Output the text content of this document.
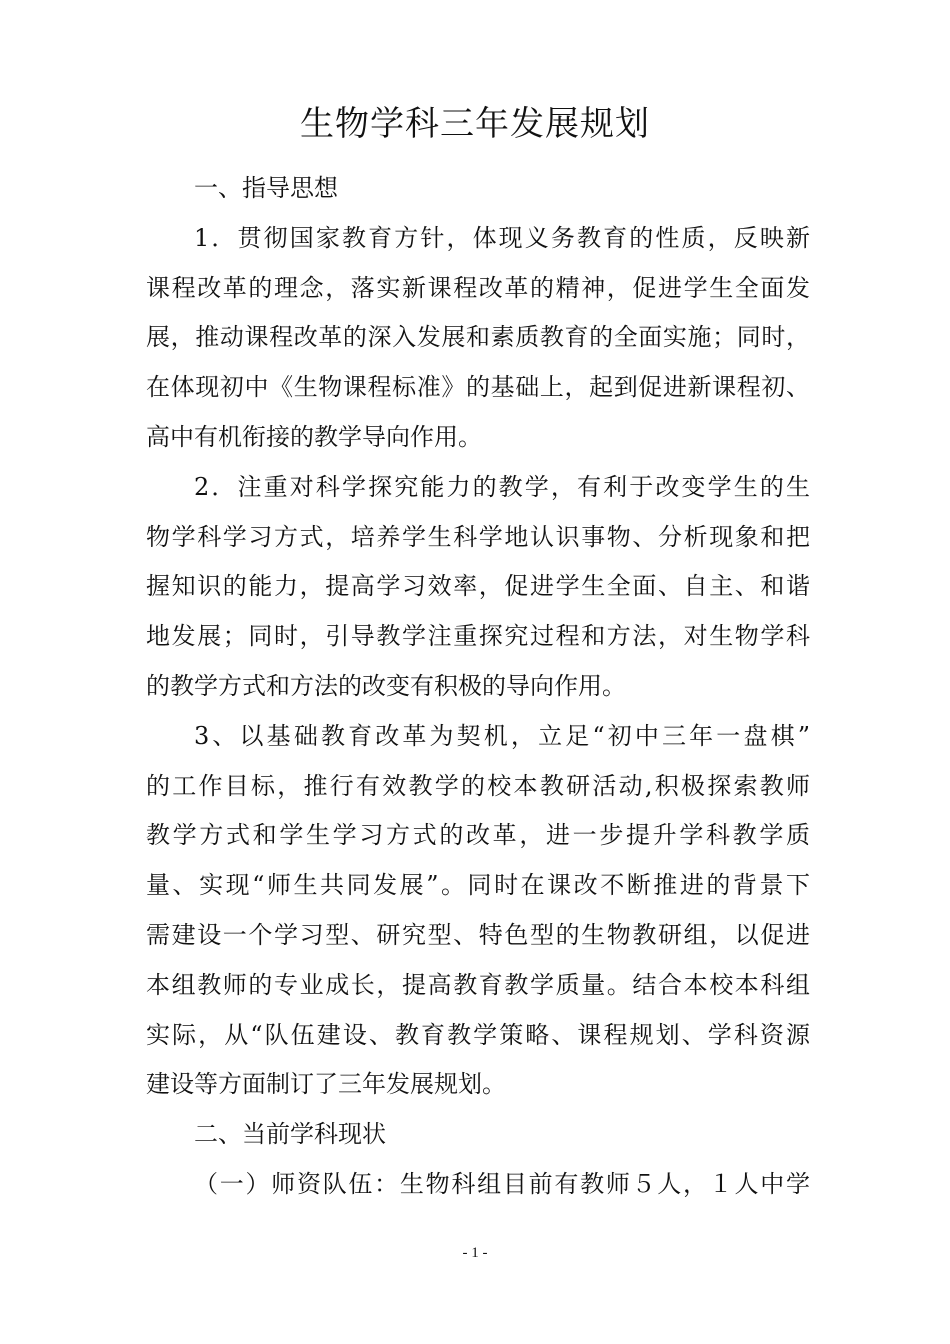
生物学科三年发展规划
一、指导思想
1．贯彻国家教育方针，体现义务教育的性质，反映新
课程改革的理念，落实新课程改革的精神，促进学生全面发
展，推动课程改革的深入发展和素质教育的全面实施；同时，
在体现初中《生物课程标准》的基础上，起到促进新课程初、
高中有机衔接的教学导向作用。
2．注重对科学探究能力的教学，有利于改变学生的生
物学科学习方式，培养学生科学地认识事物、分析现象和把
握知识的能力，提高学习效率，促进学生全面、自主、和谐
地发展；同时，引导教学注重探究过程和方法，对生物学科
的教学方式和方法的改变有积极的导向作用。
3、以基础教育改革为契机，立足“初中三年一盘棋”
的工作目标，推行有效教学的校本教研活动,积极探索教师
教学方式和学生学习方式的改革，进一步提升学科教学质
量、实现“师生共同发展”。同时在课改不断推进的背景下
需建设一个学习型、研究型、特色型的生物教研组，以促进
本组教师的专业成长，提高教育教学质量。结合本校本科组
实际，从“队伍建设、教育教学策略、课程规划、学科资源
建设等方面制订了三年发展规划。
二、当前学科现状
（一）师资队伍：生物科组目前有教师５人，１人中学
- 1 -
